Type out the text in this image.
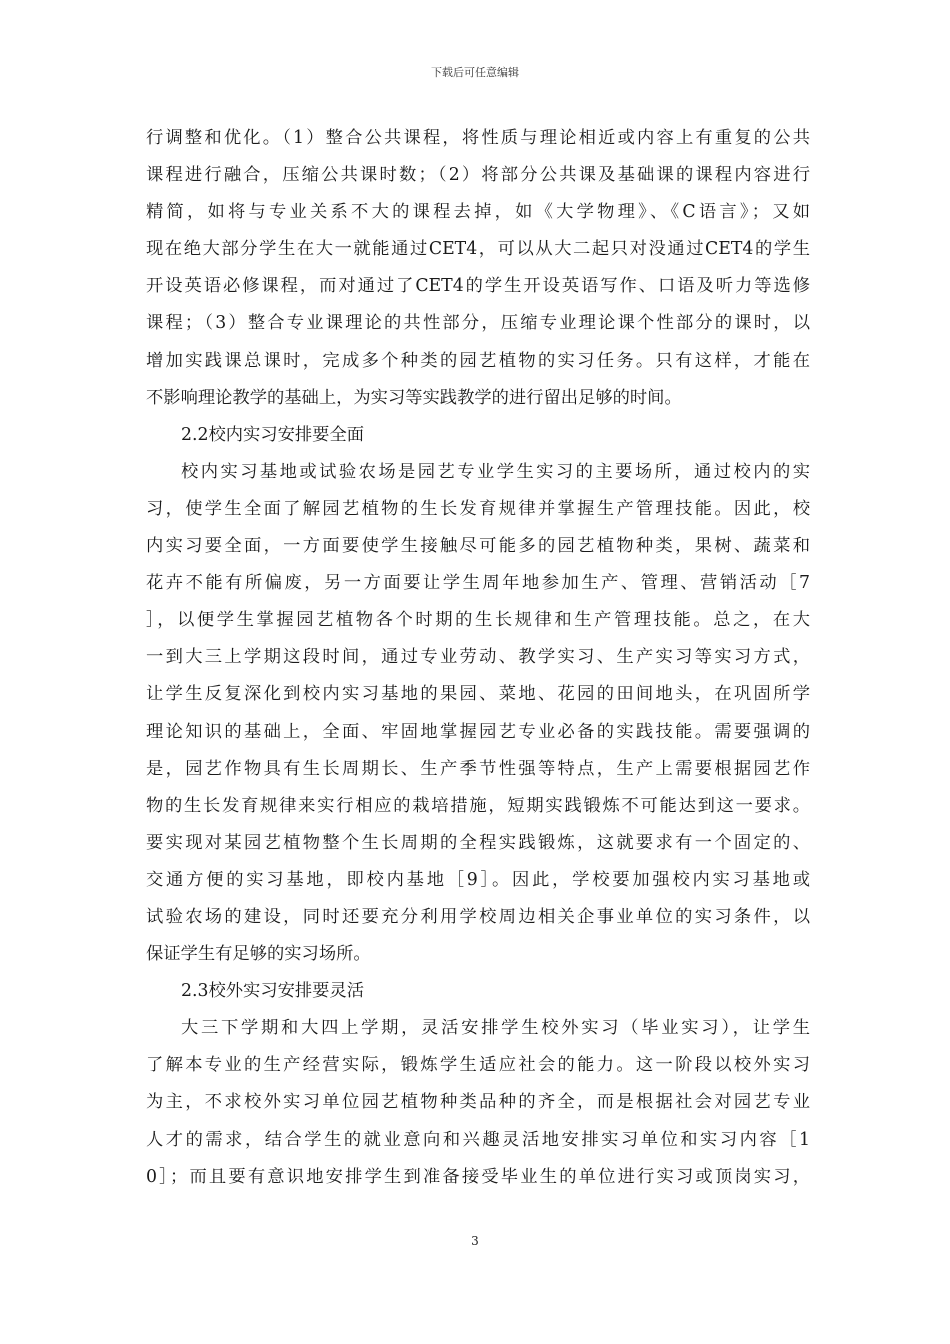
下载后可任意编辑
行调整和优化。（1）整合公共课程，将性质与理论相近或内容上有重复的公共
课程进行融合，压缩公共课时数；（2）将部分公共课及基础课的课程内容进行
精简，如将与专业关系不大的课程去掉，如《大学物理》、《C语言》；又如
现在绝大部分学生在大一就能通过CET4，可以从大二起只对没通过CET4的学生
开设英语必修课程，而对通过了CET4的学生开设英语写作、口语及听力等选修
课程；（3）整合专业课理论的共性部分，压缩专业理论课个性部分的课时，以
增加实践课总课时，完成多个种类的园艺植物的实习任务。只有这样，才能在
不影响理论教学的基础上，为实习等实践教学的进行留出足够的时间。
2.2校内实习安排要全面
校内实习基地或试验农场是园艺专业学生实习的主要场所，通过校内的实
习，使学生全面了解园艺植物的生长发育规律并掌握生产管理技能。因此，校
内实习要全面，一方面要使学生接触尽可能多的园艺植物种类，果树、蔬菜和
花卉不能有所偏废，另一方面要让学生周年地参加生产、管理、营销活动［7
］，以便学生掌握园艺植物各个时期的生长规律和生产管理技能。总之，在大
一到大三上学期这段时间，通过专业劳动、教学实习、生产实习等实习方式，
让学生反复深化到校内实习基地的果园、菜地、花园的田间地头，在巩固所学
理论知识的基础上，全面、牢固地掌握园艺专业必备的实践技能。需要强调的
是，园艺作物具有生长周期长、生产季节性强等特点，生产上需要根据园艺作
物的生长发育规律来实行相应的栽培措施，短期实践锻炼不可能达到这一要求。
要实现对某园艺植物整个生长周期的全程实践锻炼，这就要求有一个固定的、
交通方便的实习基地，即校内基地［9］。因此，学校要加强校内实习基地或
试验农场的建设，同时还要充分利用学校周边相关企事业单位的实习条件，以
保证学生有足够的实习场所。
2.3校外实习安排要灵活
大三下学期和大四上学期，灵活安排学生校外实习（毕业实习），让学生
了解本专业的生产经营实际，锻炼学生适应社会的能力。这一阶段以校外实习
为主，不求校外实习单位园艺植物种类品种的齐全，而是根据社会对园艺专业
人才的需求，结合学生的就业意向和兴趣灵活地安排实习单位和实习内容［1
0］；而且要有意识地安排学生到准备接受毕业生的单位进行实习或顶岗实习，
3
